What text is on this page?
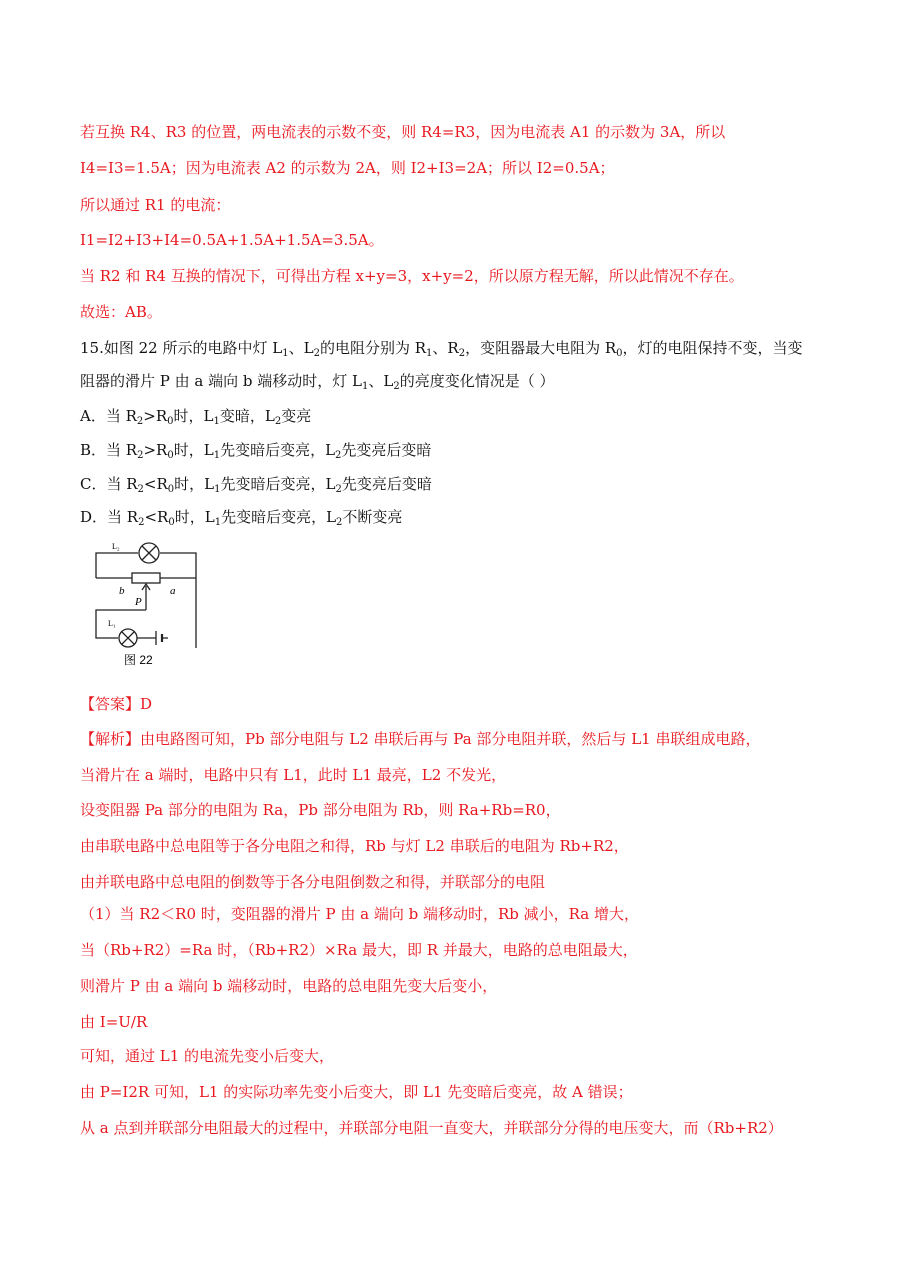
若互换 R4、R3 的位置，两电流表的示数不变，则 R4=R3，因为电流表 A1 的示数为 3A，所以
I4=I3=1.5A；因为电流表 A2 的示数为 2A，则 I2+I3=2A；所以 I2=0.5A；
所以通过 R1 的电流：
I1=I2+I3+I4=0.5A+1.5A+1.5A=3.5A。
当 R2 和 R4 互换的情况下，可得出方程 x+y=3，x+y=2，所以原方程无解，所以此情况不存在。
故选：AB。
15.如图 22 所示的电路中灯 $L_1$、$L_2$的电阻分别为 $R_1$、$R_2$，变阻器最大电阻为 $R_0$，灯的电阻保持不变，当变
阻器的滑片 P 由 a 端向 b 端移动时，灯 $L_1$、$L_2$的亮度变化情况是（ ）
A．当 $R_2>R_0$时，$L_1$变暗，$L_2$变亮
B．当 $R_2>R_0$时，$L_1$先变暗后变亮，$L_2$先变亮后变暗
C．当 $R_2<R_0$时，$L_1$先变暗后变亮，$L_2$先变亮后变暗
D．当 $R_2<R_0$时，$L_1$先变暗后变亮，$L_2$不断变亮
L₂
L₁
b	a
P
图 22
【答案】D
【解析】由电路图可知，Pb 部分电阻与 L2 串联后再与 Pa 部分电阻并联，然后与 L1 串联组成电路，
当滑片在 a 端时，电路中只有 L1，此时 L1 最亮，L2 不发光，
设变阻器 Pa 部分的电阻为 Ra，Pb 部分电阻为 Rb，则 Ra+Rb=R0，
由串联电路中总电阻等于各分电阻之和得，Rb 与灯 L2 串联后的电阻为 Rb+R2，
由并联电路中总电阻的倒数等于各分电阻倒数之和得，并联部分的电阻
（1）当 R2＜R0 时，变阻器的滑片 P 由 a 端向 b 端移动时，Rb 减小，Ra 增大，
当（Rb+R2）=Ra 时，（Rb+R2）×Ra 最大，即 R 并最大，电路的总电阻最大，
则滑片 P 由 a 端向 b 端移动时，电路的总电阻先变大后变小，
由 I=U/R
可知，通过 L1 的电流先变小后变大，
由 P=I2R 可知，L1 的实际功率先变小后变大，即 L1 先变暗后变亮，故 A 错误；
从 a 点到并联部分电阻最大的过程中，并联部分电阻一直变大，并联部分分得的电压变大，而（Rb+R2）
